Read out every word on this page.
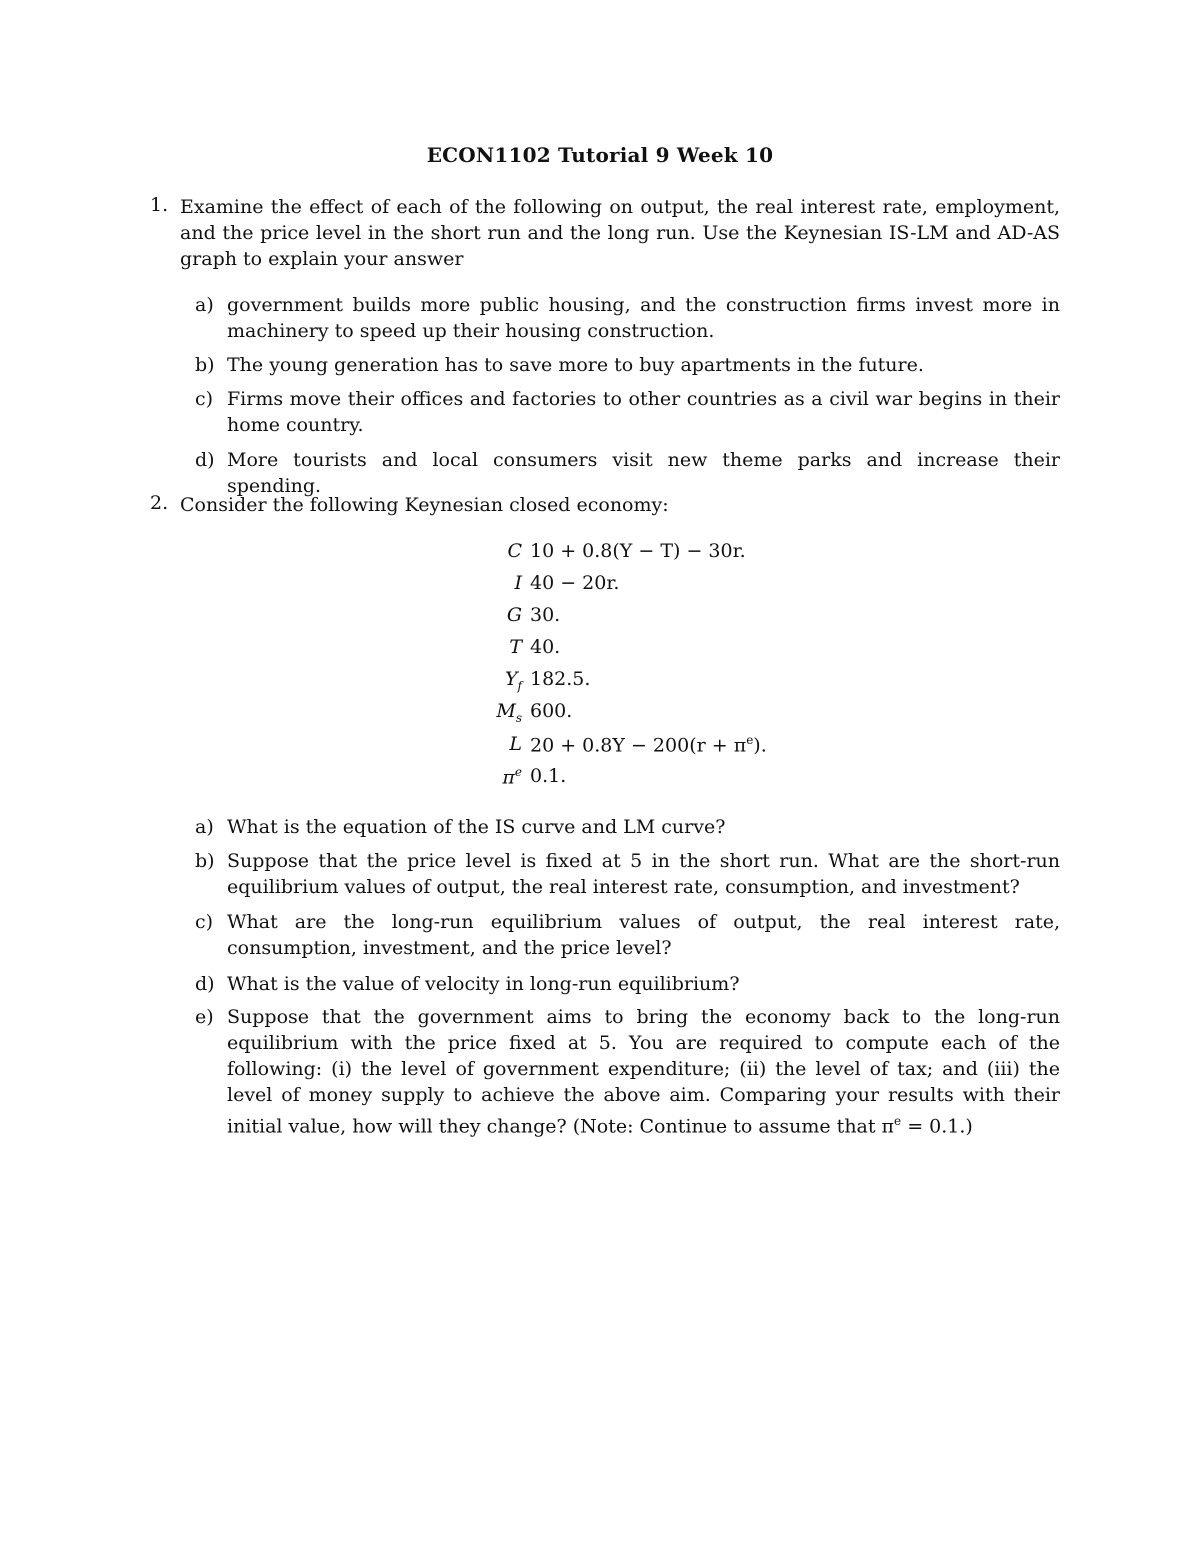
ECON1102 Tutorial 9 Week 10
1. Examine the effect of each of the following on output, the real interest rate, employment, and the price level in the short run and the long run. Use the Keynesian IS-LM and AD-AS graph to explain your answer
a) government builds more public housing, and the construction firms invest more in machinery to speed up their housing construction.
b) The young generation has to save more to buy apartments in the future.
c) Firms move their offices and factories to other countries as a civil war begins in their home country.
d) More tourists and local consumers visit new theme parks and increase their spending.
2. Consider the following Keynesian closed economy:
C 10 + 0.8(Y − T) − 30r.
I 40 − 20r.
G 30.
T 40.
$Y_f$ 182.5.
$M_s$ 600.
L $20 + 0.8Y - 200(r + \pi^e)$.
$\pi^e$ 0.1.
a) What is the equation of the IS curve and LM curve?
b) Suppose that the price level is fixed at 5 in the short run. What are the short-run equilibrium values of output, the real interest rate, consumption, and investment?
c) What are the long-run equilibrium values of output, the real interest rate, consumption, investment, and the price level?
d) What is the value of velocity in long-run equilibrium?
e) Suppose that the government aims to bring the economy back to the long-run equilibrium with the price fixed at 5. You are required to compute each of the following: (i) the level of government expenditure; (ii) the level of tax; and (iii) the level of money supply to achieve the above aim. Comparing your results with their initial value, how will they change? (Note: Continue to assume that $\pi^e = 0.1$.)
